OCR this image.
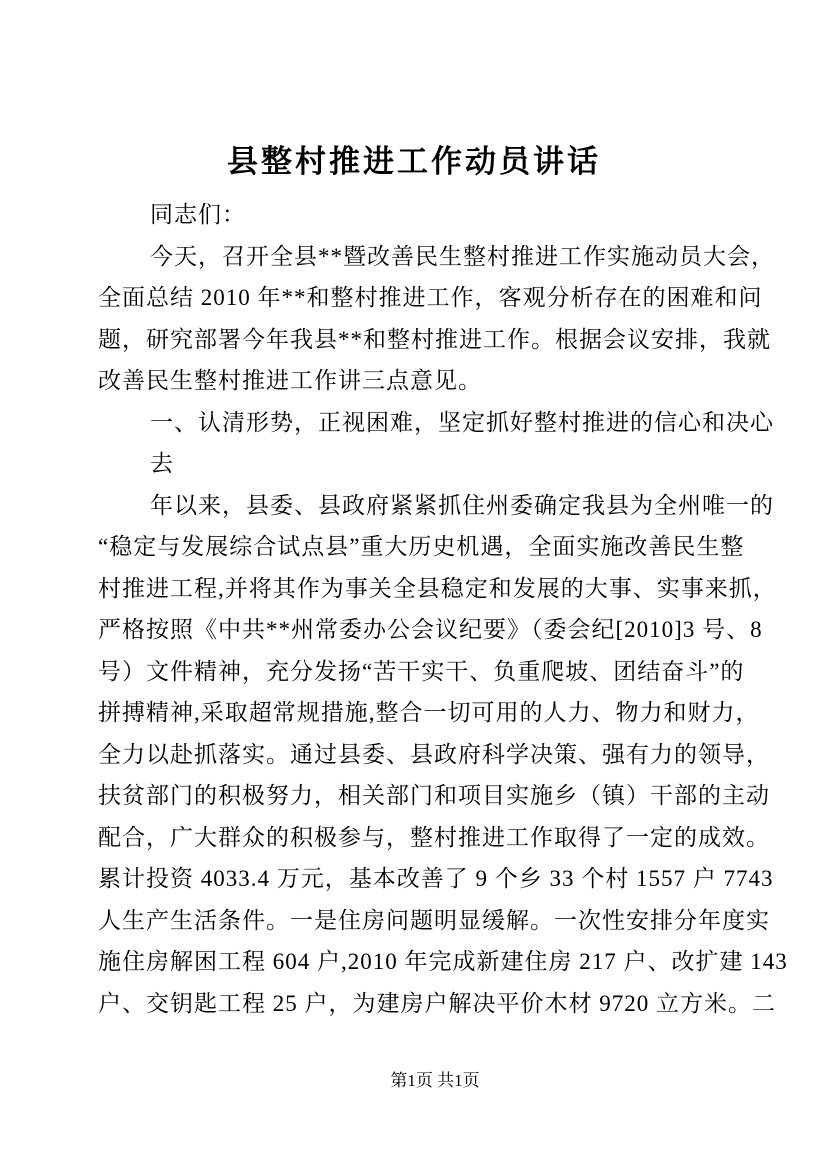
县整村推进工作动员讲话
同志们：
今天，召开全县**暨改善民生整村推进工作实施动员大会，
全面总结 2010 年**和整村推进工作，客观分析存在的困难和问
题，研究部署今年我县**和整村推进工作。根据会议安排，我就
改善民生整村推进工作讲三点意见。
一、认清形势，正视困难，坚定抓好整村推进的信心和决心
去
年以来，县委、县政府紧紧抓住州委确定我县为全州唯一的
“稳定与发展综合试点县”重大历史机遇，全面实施改善民生整
村推进工程,并将其作为事关全县稳定和发展的大事、实事来抓，
严格按照《中共**州常委办公会议纪要》（委会纪[2010]3 号、8
号）文件精神，充分发扬“苦干实干、负重爬坡、团结奋斗”的
拼搏精神,采取超常规措施,整合一切可用的人力、物力和财力，
全力以赴抓落实。通过县委、县政府科学决策、强有力的领导，
扶贫部门的积极努力，相关部门和项目实施乡（镇）干部的主动
配合，广大群众的积极参与，整村推进工作取得了一定的成效。
累计投资 4033.4 万元，基本改善了 9 个乡 33 个村 1557 户 7743
人生产生活条件。一是住房问题明显缓解。一次性安排分年度实
施住房解困工程 604 户,2010 年完成新建住房 217 户、改扩建 143
户、交钥匙工程 25 户，为建房户解决平价木材 9720 立方米。二
第1页 共1页
